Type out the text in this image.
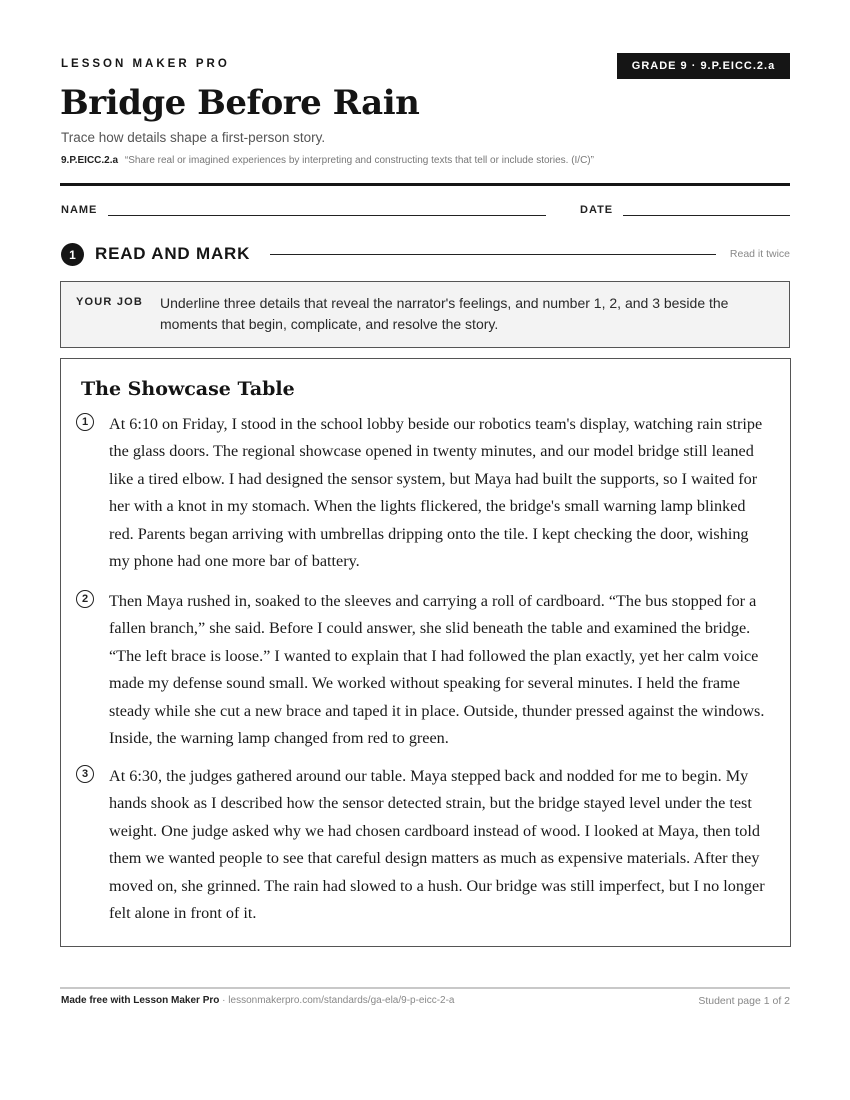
LESSON MAKER PRO	GRADE 9 · 9.P.EICC.2.a
Bridge Before Rain
Trace how details shape a first-person story.
9.P.EICC.2.a “Share real or imagined experiences by interpreting and constructing texts that tell or include stories. (I/C)”
NAME	DATE
1	READ AND MARK	Read it twice
YOUR JOB Underline three details that reveal the narrator's feelings, and number 1, 2, and 3 beside the moments that begin, complicate, and resolve the story.
The Showcase Table
1	At 6:10 on Friday, I stood in the school lobby beside our robotics team's display, watching rain stripe the glass doors. The regional showcase opened in twenty minutes, and our model bridge still leaned like a tired elbow. I had designed the sensor system, but Maya had built the supports, so I waited for her with a knot in my stomach. When the lights flickered, the bridge's small warning lamp blinked red. Parents began arriving with umbrellas dripping onto the tile. I kept checking the door, wishing my phone had one more bar of battery.

2	Then Maya rushed in, soaked to the sleeves and carrying a roll of cardboard. “The bus stopped for a fallen branch,” she said. Before I could answer, she slid beneath the table and examined the bridge. “The left brace is loose.” I wanted to explain that I had followed the plan exactly, yet her calm voice made my defense sound small. We worked without speaking for several minutes. I held the frame steady while she cut a new brace and taped it in place. Outside, thunder pressed against the windows. Inside, the warning lamp changed from red to green.

3	At 6:30, the judges gathered around our table. Maya stepped back and nodded for me to begin. My hands shook as I described how the sensor detected strain, but the bridge stayed level under the test weight. One judge asked why we had chosen cardboard instead of wood. I looked at Maya, then told them we wanted people to see that careful design matters as much as expensive materials. After they moved on, she grinned. The rain had slowed to a hush. Our bridge was still imperfect, but I no longer felt alone in front of it.

Made free with Lesson Maker Pro · lessonmakerpro.com/standards/ga-ela/9-p-eicc-2-a	Student page 1 of 2
